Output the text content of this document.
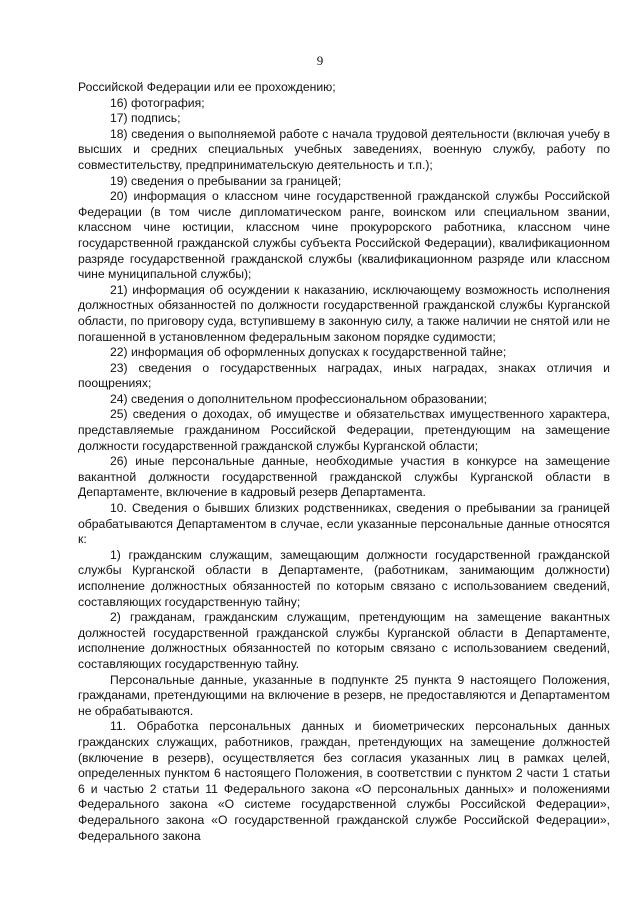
9

Российской Федерации или ее прохождению;

16) фотография;

17) подпись;

18) сведения о выполняемой работе с начала трудовой деятельности (включая учебу в высших и средних специальных учебных заведениях, военную службу, работу по совместительству, предпринимательскую деятельность и т.п.);

19) сведения о пребывании за границей;

20) информация о классном чине государственной гражданской службы Российской Федерации (в том числе дипломатическом ранге, воинском или специальном звании, классном чине юстиции, классном чине прокурорского работника, классном чине государственной гражданской службы субъекта Российской Федерации), квалификационном разряде государственной гражданской службы (квалификационном разряде или классном чине муниципальной службы);

21) информация об осуждении к наказанию, исключающему возможность исполнения должностных обязанностей по должности государственной гражданской службы Курганской области, по приговору суда, вступившему в законную силу, а также наличии не снятой или не погашенной в установленном федеральным законом порядке судимости;

22) информация об оформленных допусках к государственной тайне;

23) сведения о государственных наградах, иных наградах, знаках отличия и поощрениях;

24) сведения о дополнительном профессиональном образовании;

25) сведения о доходах, об имуществе и обязательствах имущественного характера, представляемые гражданином Российской Федерации, претендующим на замещение должности государственной гражданской службы Курганской области;

26) иные персональные данные, необходимые участия в конкурсе на замещение вакантной должности государственной гражданской службы Курганской области в Департаменте, включение в кадровый резерв Департамента.

10. Сведения о бывших близких родственниках, сведения о пребывании за границей обрабатываются Департаментом в случае, если указанные персональные данные относятся к:

1) гражданским служащим, замещающим должности государственной гражданской службы Курганской области в Департаменте, (работникам, занимающим должности) исполнение должностных обязанностей по которым связано с использованием сведений, составляющих государственную тайну;

2) гражданам, гражданским служащим, претендующим на замещение вакантных должностей государственной гражданской службы Курганской области в Департаменте, исполнение должностных обязанностей по которым связано с использованием сведений, составляющих государственную тайну.

Персональные данные, указанные в подпункте 25 пункта 9 настоящего Положения, гражданами, претендующими на включение в резерв, не предоставляются и Департаментом не обрабатываются.

11. Обработка персональных данных и биометрических персональных данных гражданских служащих, работников, граждан, претендующих на замещение должностей (включение в резерв), осуществляется без согласия указанных лиц в рамках целей, определенных пунктом 6 настоящего Положения, в соответствии с пунктом 2 части 1 статьи 6 и частью 2 статьи 11 Федерального закона «О персональных данных» и положениями Федерального закона «О системе государственной службы Российской Федерации», Федерального закона «О государственной гражданской службе Российской Федерации», Федерального закона
